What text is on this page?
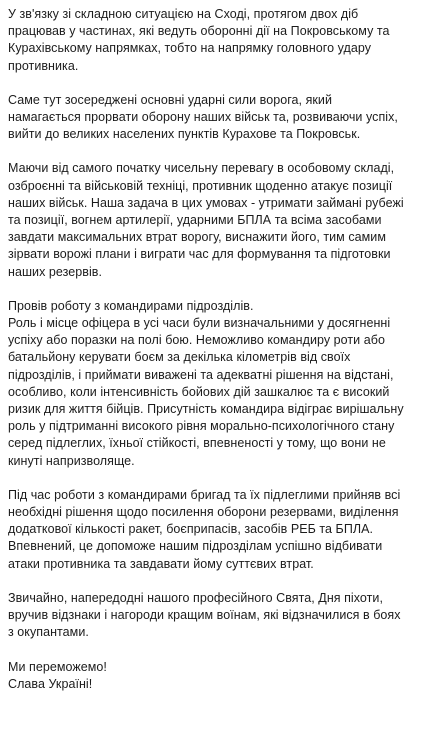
У зв'язку зі складною ситуацією на Сході, протягом двох діб працював у частинах, які ведуть оборонні дії на Покровському та Курахівському напрямках, тобто на напрямку головного удару противника.

Саме тут зосереджені основні ударні сили ворога, який намагається прорвати оборону наших військ та, розвиваючи успіх, вийти до великих населених пунктів Курахове та Покровськ.

Маючи від самого початку чисельну перевагу в особовому складі, озброєнні та військовій техніці, противник щоденно атакує позиції наших військ. Наша задача в цих умовах - утримати займані рубежі та позиції, вогнем артилерії, ударними БПЛА та всіма засобами завдати максимальних втрат ворогу, виснажити його, тим самим зірвати ворожі плани і виграти час для формування та підготовки наших резервів.

Провів роботу з командирами підрозділів.
Роль і місце офіцера в усі часи були визначальними у досягненні успіху або поразки на полі бою. Неможливо командиру роти або батальйону керувати боєм за декілька кілометрів від своїх підрозділів, і приймати виважені та адекватні рішення на відстані, особливо, коли інтенсивність бойових дій зашкалює та є високий ризик для життя бійців. Присутність командира відіграє вирішальну роль у підтриманні високого рівня морально-психологічного стану серед підлеглих, їхньої стійкості, впевненості у тому, що вони не кинуті напризволяще.

Під час роботи з командирами бригад та їх підлеглими прийняв всі необхідні рішення щодо посилення оборони резервами, виділення додаткової кількості ракет, боєприпасів, засобів РЕБ та БПЛА. Впевнений, це допоможе нашим підрозділам успішно відбивати атаки противника та завдавати йому суттєвих втрат.

Звичайно, напередодні нашого професійного Свята, Дня піхоти, вручив відзнаки і нагороди кращим воїнам, які відзначилися в боях з окупантами.

Ми переможемо!
Слава Україні!
